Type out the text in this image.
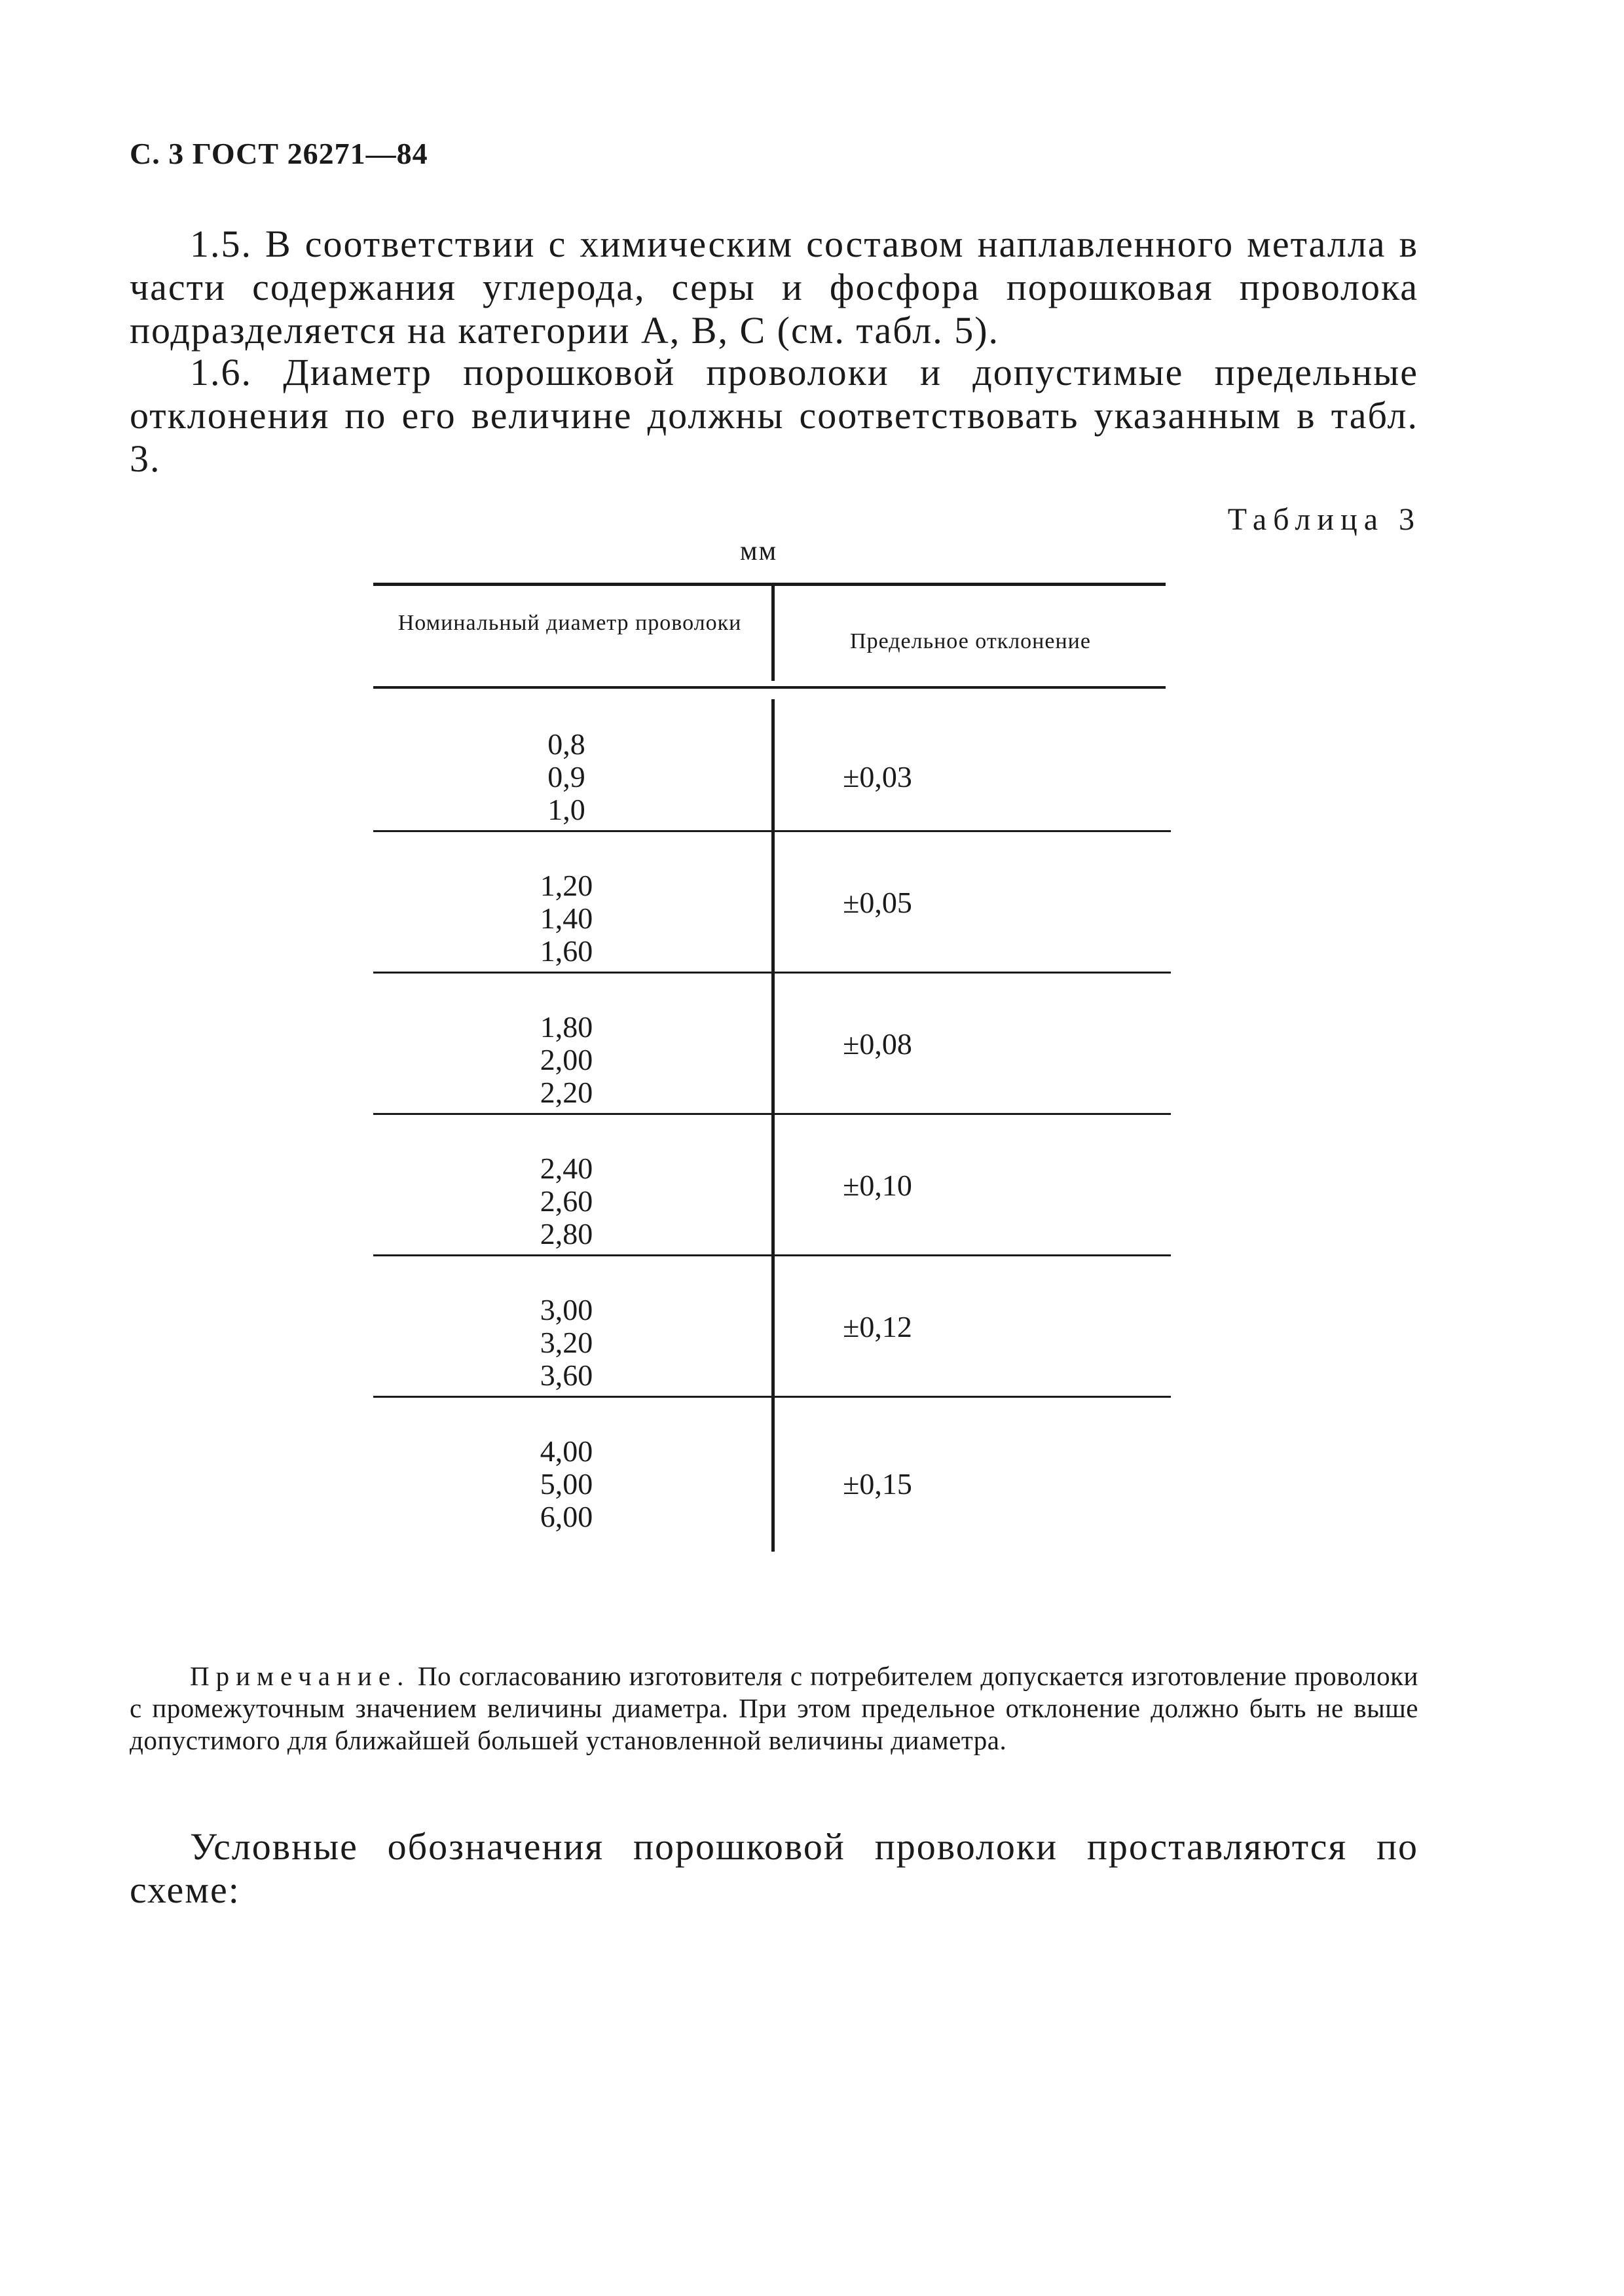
С. 3 ГОСТ 26271—84

1.5. В соответствии с химическим составом наплавленного металла в части содержания углерода, серы и фосфора порошковая проволока подразделяется на категории А, В, С (см. табл. 5).

1.6. Диаметр порошковой проволоки и допустимые предельные отклонения по его величине должны соответствовать указанным в табл. 3.

Таблица 3
мм
Номинальный диаметр проволоки
Предельное отклонение
0,8
0,9
1,0
±0,03
1,20
1,40
1,60
±0,05
1,80
2,00
2,20
±0,08
2,40
2,60
2,80
±0,10
3,00
3,20
3,60
±0,12
4,00
5,00
6,00
±0,15

Примечание. По согласованию изготовителя с потребителем допускается изготовление проволоки с промежуточным значением величины диаметра. При этом предельное отклонение должно быть не выше допустимого для ближайшей большей установленной величины диаметра.

Условные обозначения порошковой проволоки проставляются по схеме:
